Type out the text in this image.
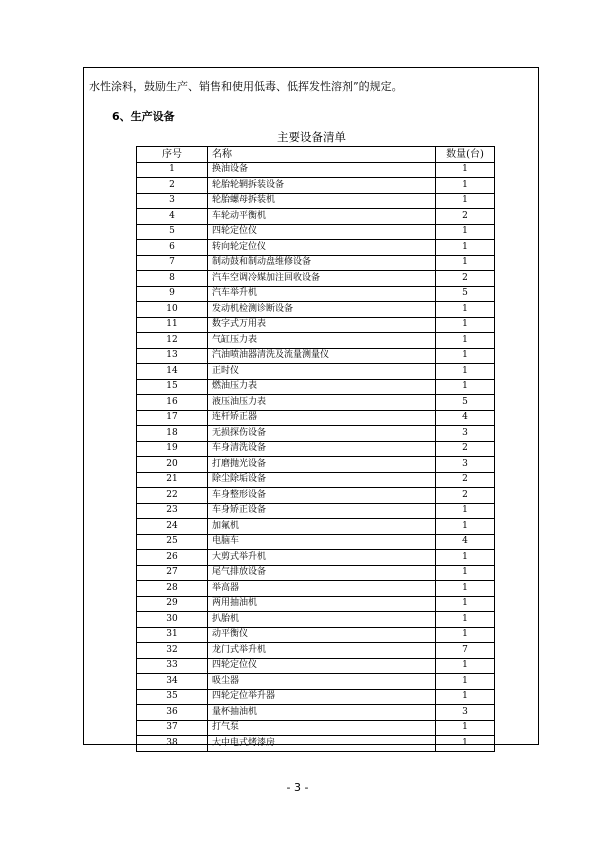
水性涂料，鼓励生产、销售和使用低毒、低挥发性溶剂”的规定。
6、生产设备
主要设备清单
序号	名称	数量(台)
1	换油设备	1
2	轮胎轮辋拆装设备	1
3	轮胎螺母拆装机	1
4	车轮动平衡机	2
5	四轮定位仪	1
6	转向轮定位仪	1
7	制动鼓和制动盘维修设备	1
8	汽车空调冷媒加注回收设备	2
9	汽车举升机	5
10	发动机检测诊断设备	1
11	数字式万用表	1
12	气缸压力表	1
13	汽油喷油器清洗及流量测量仪	1
14	正时仪	1
15	燃油压力表	1
16	液压油压力表	5
17	连杆矫正器	4
18	无损探伤设备	3
19	车身清洗设备	2
20	打磨抛光设备	3
21	除尘除垢设备	2
22	车身整形设备	2
23	车身矫正设备	1
24	加氟机	1
25	电脑车	4
26	大剪式举升机	1
27	尾气排放设备	1
28	举高器	1
29	两用抽油机	1
30	扒胎机	1
31	动平衡仪	1
32	龙门式举升机	7
33	四轮定位仪	1
34	吸尘器	1
35	四轮定位举升器	1
36	量杯抽油机	3
37	打气泵	1
38	大中电式烤漆房	1
- 3 -
